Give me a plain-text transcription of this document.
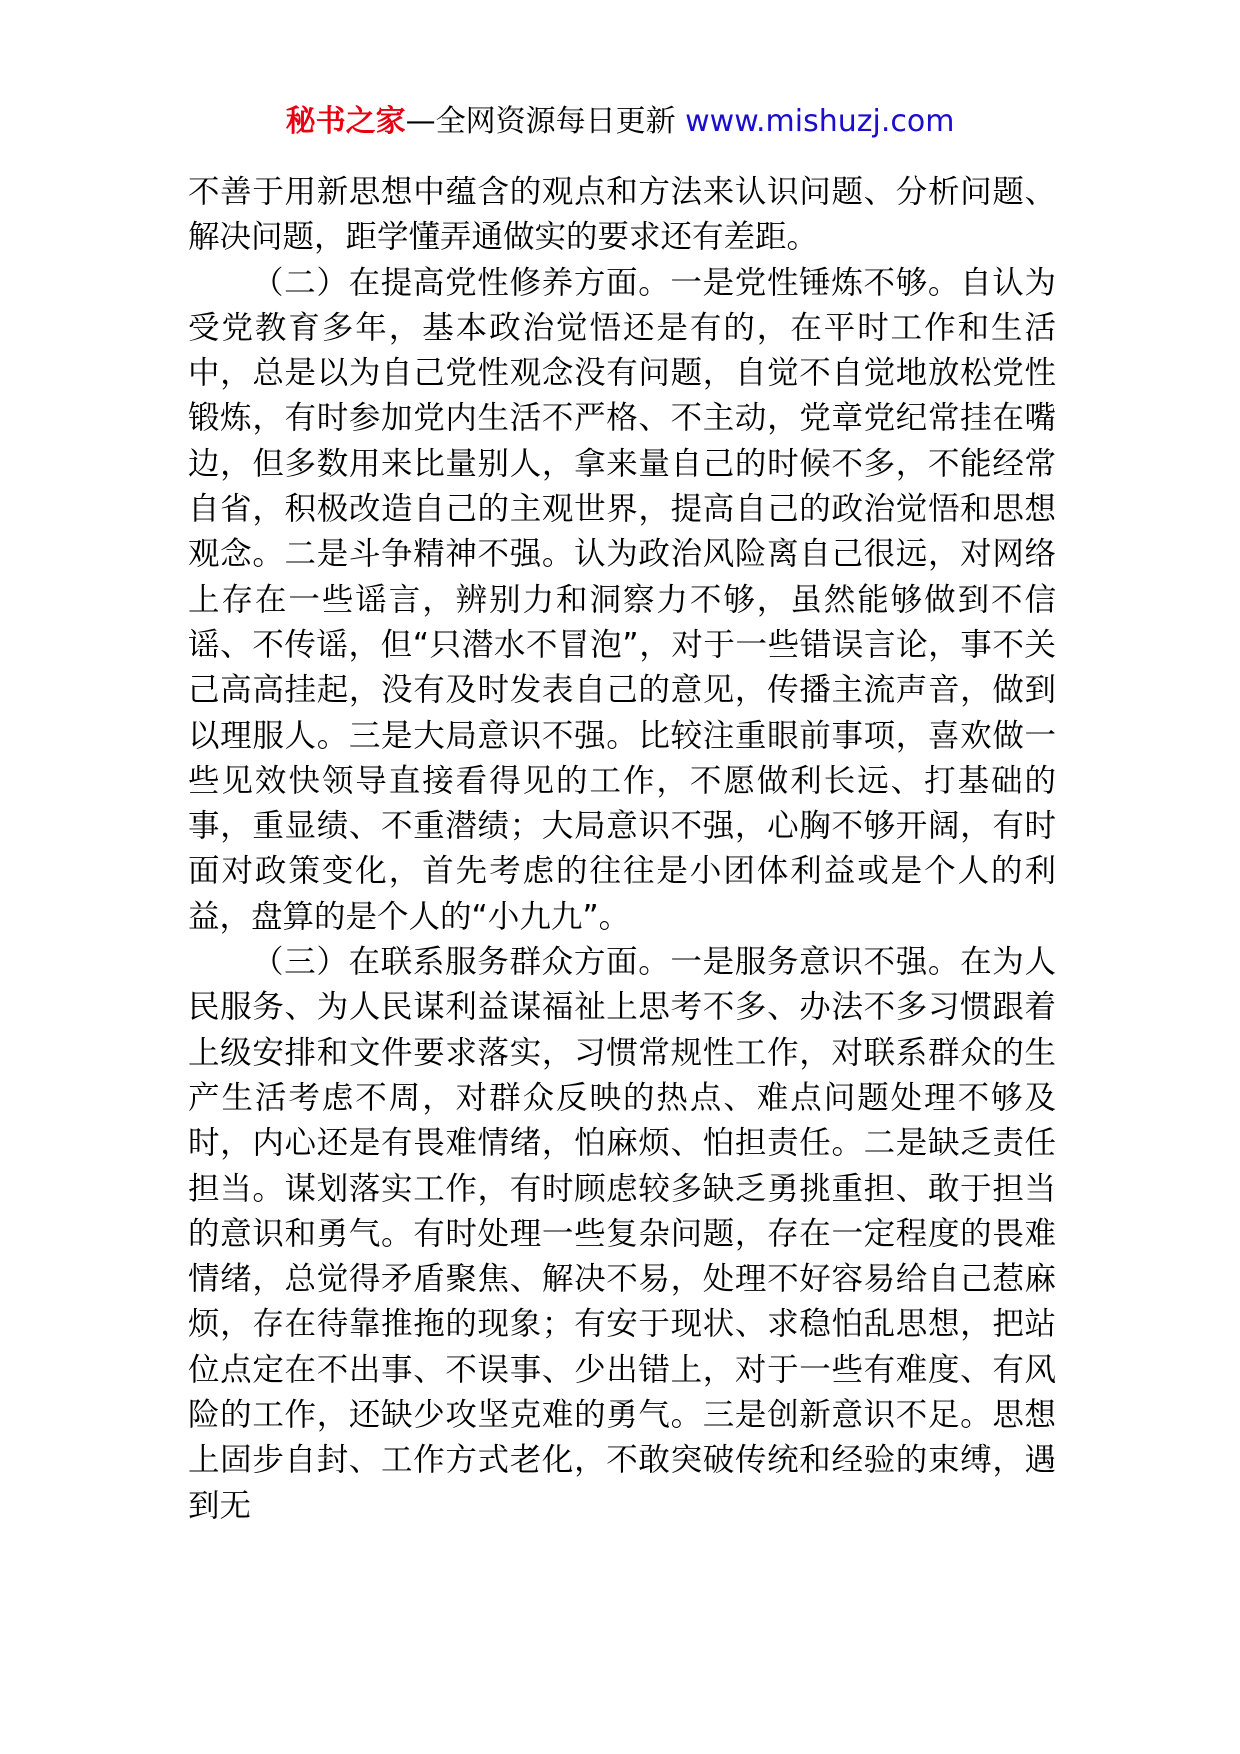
秘书之家—全网资源每日更新 www.mishuzj.com

不善于用新思想中蕴含的观点和方法来认识问题、分析问题、解决问题，距学懂弄通做实的要求还有差距。

（二）在提高党性修养方面。一是党性锤炼不够。自认为受党教育多年，基本政治觉悟还是有的，在平时工作和生活中，总是以为自己党性观念没有问题，自觉不自觉地放松党性锻炼，有时参加党内生活不严格、不主动，党章党纪常挂在嘴边，但多数用来比量别人，拿来量自己的时候不多，不能经常自省，积极改造自己的主观世界，提高自己的政治觉悟和思想观念。二是斗争精神不强。认为政治风险离自己很远，对网络上存在一些谣言，辨别力和洞察力不够，虽然能够做到不信谣、不传谣，但“只潜水不冒泡”，对于一些错误言论，事不关己高高挂起，没有及时发表自己的意见，传播主流声音，做到以理服人。三是大局意识不强。比较注重眼前事项，喜欢做一些见效快领导直接看得见的工作，不愿做利长远、打基础的事，重显绩、不重潜绩；大局意识不强，心胸不够开阔，有时面对政策变化，首先考虑的往往是小团体利益或是个人的利益，盘算的是个人的“小九九”。

（三）在联系服务群众方面。一是服务意识不强。在为人民服务、为人民谋利益谋福祉上思考不多、办法不多习惯跟着上级安排和文件要求落实，习惯常规性工作，对联系群众的生产生活考虑不周，对群众反映的热点、难点问题处理不够及时，内心还是有畏难情绪，怕麻烦、怕担责任。二是缺乏责任担当。谋划落实工作，有时顾虑较多缺乏勇挑重担、敢于担当的意识和勇气。有时处理一些复杂问题，存在一定程度的畏难情绪，总觉得矛盾聚焦、解决不易，处理不好容易给自己惹麻烦，存在待靠推拖的现象；有安于现状、求稳怕乱思想，把站位点定在不出事、不误事、少出错上，对于一些有难度、有风险的工作，还缺少攻坚克难的勇气。三是创新意识不足。思想上固步自封、工作方式老化，不敢突破传统和经验的束缚，遇到无
